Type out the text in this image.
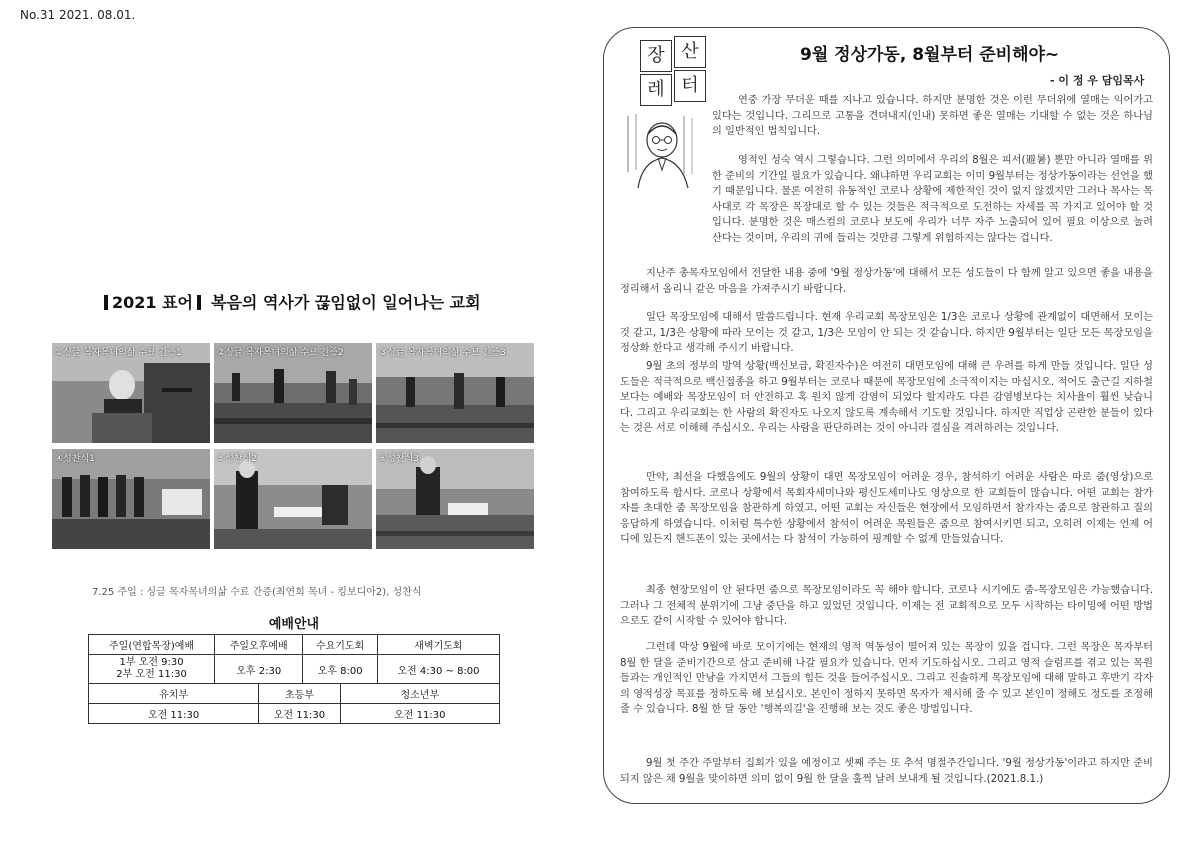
No.31 2021. 08.01.
2021 표어 복음의 역사가 끊임없이 일어나는 교회
①싱글 목자목녀의삶 수료 간증1	②싱글 목자목녀의삶 수료 간증2	③싱글 목자목녀의삶 수료 간증3
④성찬식1	⑤성찬식2	⑥성찬식3
7.25 주일 : 싱글 목자목녀의삶 수료 간증(최연희 목녀 - 킹보디아2), 성찬식
예배안내					
주일(연합목장)예배	주일오후예배		수요기도회		새벽기도회
1부 오전 9:30
2부 오전 11:30	오후 2:30		오후 8:00		오전 4:30 ~ 8:00
유치부		초등부		청소년부	
오전 11:30		오전 11:30		오전 11:30	
장 산
레 터
9월 정상가동, 8월부터 준비해야~
- 이 정 우 담임목사

연중 가장 무더운 때를 지나고 있습니다. 하지만 분명한 것은 이런 무더위에 열매는 익어가고 있다는 것입니다. 그리므로 고통을 견뎌내지(인내) 못하면 좋은 열매는 기대할 수 없는 것은 하나님의 일반적인 법칙입니다.

영적인 성숙 역시 그렇습니다. 그런 의미에서 우리의 8월은 피서(避暑) 뿐만 아니라 열매를 위한 준비의 기간일 필요가 있습니다. 왜냐하면 우리교회는 이미 9월부터는 정상가동이라는 선언을 했기 때문입니다. 물론 여전히 유동적인 코로나 상황에 제한적인 것이 없지 않겠지만 그러나 목사는 목사대로 각 목장은 목장대로 할 수 있는 것들은 적극적으로 도전하는 자세를 꼭 가지고 있어야 할 것입니다. 분명한 것은 매스컴의 코로나 보도에 우리가 너무 자주 노출되어 있어 필요 이상으로 눌려 산다는 것이며, 우리의 귀에 들리는 것만큼 그렇게 위험하지는 않다는 겁니다.

지난주 총목자모임에서 전달한 내용 중에 '9월 정상가동'에 대해서 모든 성도들이 다 함께 알고 있으면 좋을 내용을 정리해서 올리니 같은 마음을 가져주시기 바랍니다.

일단 목장모임에 대해서 말씀드립니다. 현재 우리교회 목장모임은 1/3은 코로나 상황에 관계없이 대면해서 모이는 것 같고, 1/3은 상황에 따라 모이는 것 같고, 1/3은 모임이 안 되는 것 같습니다. 하지만 9월부터는 일단 모든 목장모임을 정상화 한다고 생각해 주시기 바랍니다.

9월 초의 정부의 방역 상황(백신보급, 확진자수)은 여전히 대면모임에 대해 큰 우려를 하게 만들 것입니다. 일단 성도들은 적극적으로 백신접종을 하고 9월부터는 코로나 때문에 목장모임에 소극적이지는 마십시오. 적어도 출근길 지하철보다는 예배와 목장모임이 더 안전하고 혹 원치 않게 감염이 되었다 할지라도 다른 감염병보다는 치사율이 훨씬 낮습니다. 그리고 우리교회는 한 사람의 확진자도 나오지 않도록 계속해서 기도할 것입니다. 하지만 직업상 곤란한 분들이 있다는 것은 서로 이해해 주십시오. 우리는 사람을 판단하려는 것이 아니라 결심을 격려하려는 것입니다.

만약, 최선을 다했음에도 9월의 상황이 대면 목장모임이 어려운 경우, 참석하기 어려운 사람은 따로 줌(영상)으로 참여하도록 합시다. 코로나 상황에서 목회자세미나와 평신도세미나도 영상으로 한 교회들이 많습니다. 어떤 교회는 참가자를 초대한 줌 목장모임을 참관하게 하였고, 어떤 교회는 자신들은 현장에서 모임하면서 참가자는 줌으로 참관하고 질의 응답하게 하였습니다. 이처럼 특수한 상황에서 참석이 어려운 목원들은 줌으로 참여시키면 되고, 오히려 이제는 언제 어디에 있든지 핸드폰이 있는 곳에서는 다 참석이 가능하여 핑계할 수 없게 만들었습니다.

최종 현장모임이 안 된다면 줌으로 목장모임이라도 꼭 해야 합니다. 코로나 시기에도 줌-목장모임은 가능했습니다. 그러나 그 전체적 분위기에 그냥 중단을 하고 있었던 것입니다. 이제는 전 교회적으로 모두 시작하는 타이밍에 어떤 방법으로도 같이 시작할 수 있어야 합니다.

그런데 막상 9월에 바로 모이기에는 현재의 영적 역동성이 떨어져 있는 목장이 있을 겁니다. 그런 목장은 목자부터 8월 한 달을 준비기간으로 삼고 준비해 나갈 필요가 있습니다. 먼저 기도하십시오. 그리고 영적 슬럼프를 겪고 있는 목원들과는 개인적인 만남을 가지면서 그들의 힘든 것을 들어주십시오. 그리고 진솔하게 목장모임에 대해 말하고 후반기 각자의 영적성장 목표를 정하도록 해 보십시오. 본인이 정하지 못하면 목자가 제시해 줄 수 있고 본인이 정해도 정도를 조정해 줄 수 있습니다. 8월 한 달 동안 '행복의길'을 진행해 보는 것도 좋은 방법입니다.

9월 첫 주간 주말부터 집회가 있을 예정이고 셋째 주는 또 추석 명절주간입니다. '9월 정상가동'이라고 하지만 준비되지 않은 채 9월을 맞이하면 의미 없이 9월 한 달을 훌쩍 날려 보내게 될 것입니다.(2021.8.1.)
